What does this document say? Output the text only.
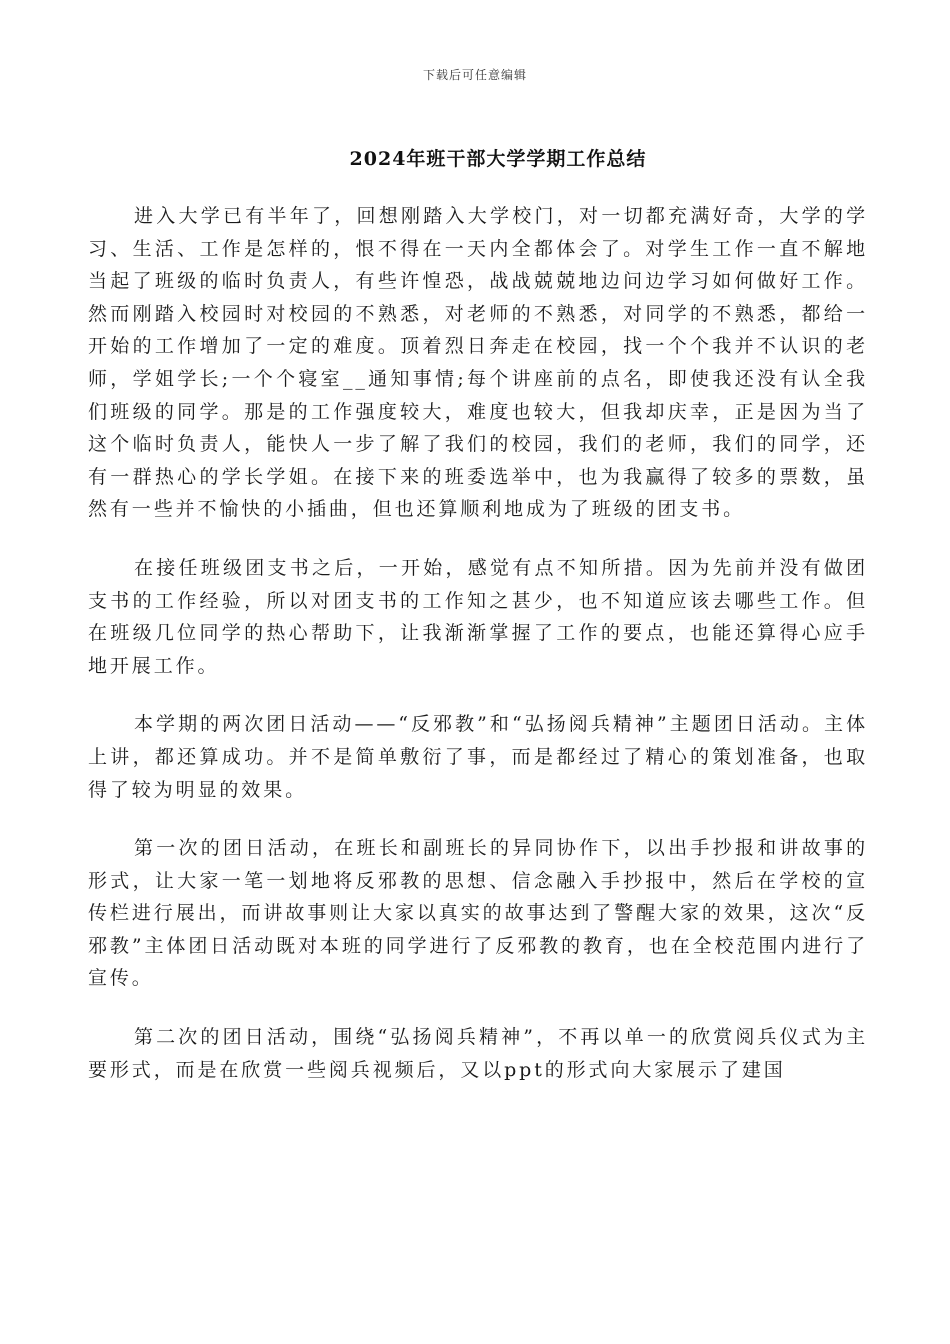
下载后可任意编辑
2024年班干部大学学期工作总结

进入大学已有半年了，回想刚踏入大学校门，对一切都充满好奇，大学的学习、生活、工作是怎样的，恨不得在一天内全都体会了。对学生工作一直不解地当起了班级的临时负责人，有些许惶恐，战战兢兢地边问边学习如何做好工作。然而刚踏入校园时对校园的不熟悉，对老师的不熟悉，对同学的不熟悉，都给一开始的工作增加了一定的难度。顶着烈日奔走在校园，找一个个我并不认识的老师，学姐学长;一个个寝室__通知事情;每个讲座前的点名，即使我还没有认全我们班级的同学。那是的工作强度较大，难度也较大，但我却庆幸，正是因为当了这个临时负责人，能快人一步了解了我们的校园，我们的老师，我们的同学，还有一群热心的学长学姐。在接下来的班委选举中，也为我赢得了较多的票数，虽然有一些并不愉快的小插曲，但也还算顺利地成为了班级的团支书。

在接任班级团支书之后，一开始，感觉有点不知所措。因为先前并没有做团支书的工作经验，所以对团支书的工作知之甚少，也不知道应该去哪些工作。但在班级几位同学的热心帮助下，让我渐渐掌握了工作的要点，也能还算得心应手地开展工作。

本学期的两次团日活动——“反邪教”和“弘扬阅兵精神”主题团日活动。主体上讲，都还算成功。并不是简单敷衍了事，而是都经过了精心的策划准备，也取得了较为明显的效果。

第一次的团日活动，在班长和副班长的异同协作下，以出手抄报和讲故事的形式，让大家一笔一划地将反邪教的思想、信念融入手抄报中，然后在学校的宣传栏进行展出，而讲故事则让大家以真实的故事达到了警醒大家的效果，这次“反邪教”主体团日活动既对本班的同学进行了反邪教的教育，也在全校范围内进行了宣传。

第二次的团日活动，围绕“弘扬阅兵精神”，不再以单一的欣赏阅兵仪式为主要形式，而是在欣赏一些阅兵视频后，又以ppt的形式向大家展示了建国
